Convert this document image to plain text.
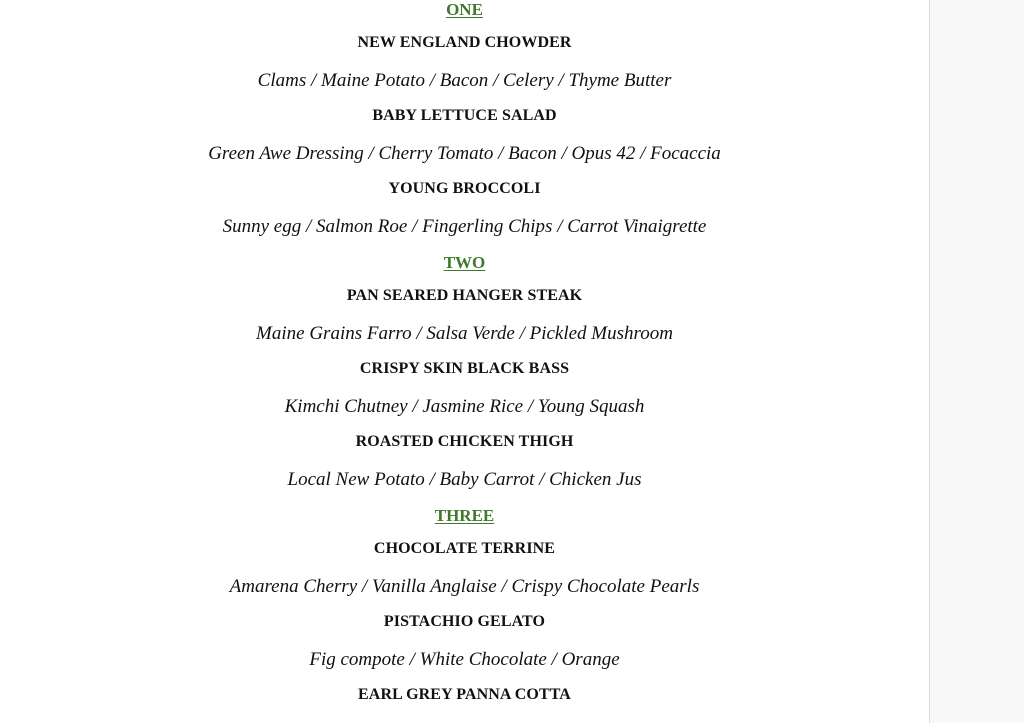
ONE
NEW ENGLAND CHOWDER
Clams / Maine Potato / Bacon / Celery / Thyme Butter
BABY LETTUCE SALAD
Green Awe Dressing / Cherry Tomato / Bacon / Opus 42 / Focaccia
YOUNG BROCCOLI
Sunny egg / Salmon Roe / Fingerling Chips / Carrot Vinaigrette
TWO
PAN SEARED HANGER STEAK
Maine Grains Farro / Salsa Verde / Pickled Mushroom
CRISPY SKIN BLACK BASS
Kimchi Chutney / Jasmine Rice / Young Squash
ROASTED CHICKEN THIGH
Local New Potato / Baby Carrot / Chicken Jus
THREE
CHOCOLATE TERRINE
Amarena Cherry / Vanilla Anglaise / Crispy Chocolate Pearls
PISTACHIO GELATO
Fig compote / White Chocolate / Orange
EARL GREY PANNA COTTA
